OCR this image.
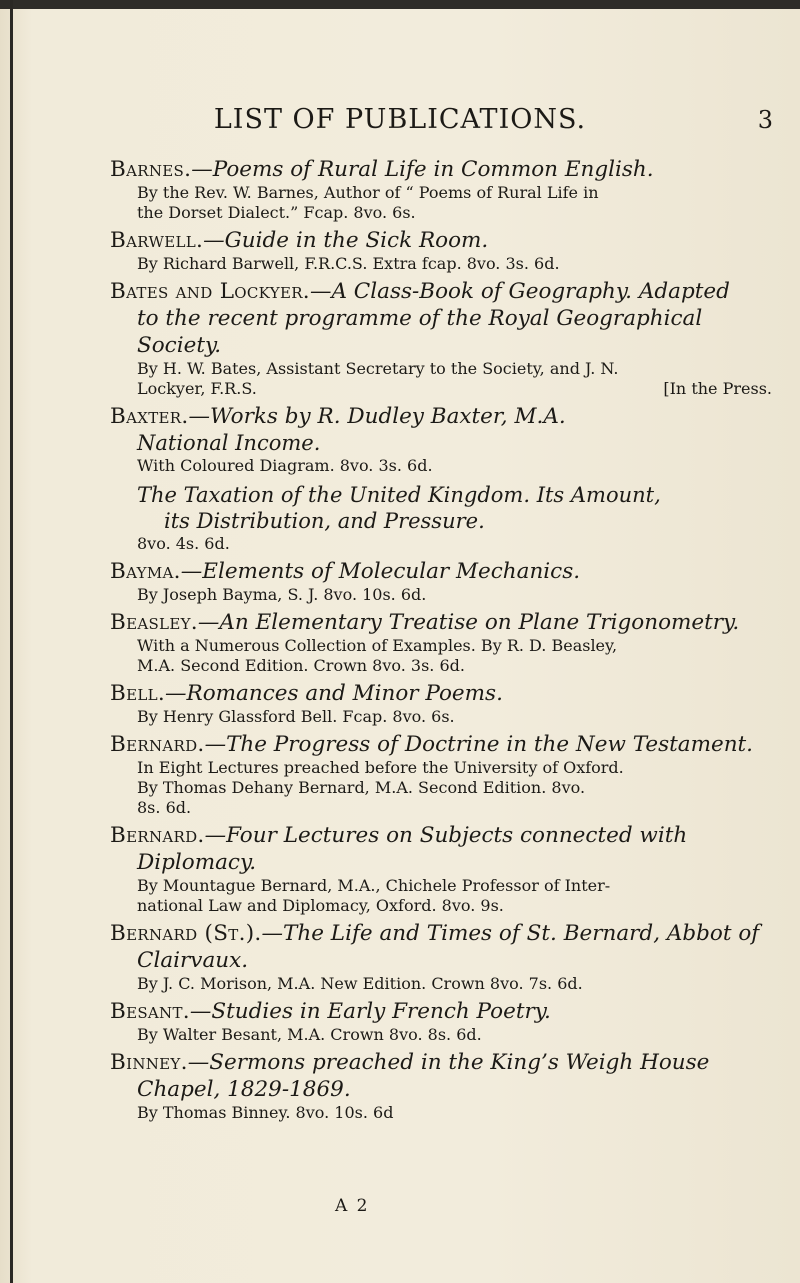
LIST OF PUBLICATIONS.	3
Barnes.—Poems of Rural Life in Common English.
By the Rev. W. Barnes, Author of “ Poems of Rural Life in
the Dorset Dialect.” Fcap. 8vo. 6s.
Barwell.—Guide in the Sick Room.
By Richard Barwell, F.R.C.S. Extra fcap. 8vo. 3s. 6d.
Bates and Lockyer.—A Class-Book of Geography. Adapted
to the recent programme of the Royal Geographical
Society.
By H. W. Bates, Assistant Secretary to the Society, and J. N.
Lockyer, F.R.S.	[In the Press.
Baxter.—Works by R. Dudley Baxter, M.A.
National Income.
With Coloured Diagram. 8vo. 3s. 6d.
The Taxation of the United Kingdom. Its Amount,
its Distribution, and Pressure.
8vo. 4s. 6d.
Bayma.—Elements of Molecular Mechanics.
By Joseph Bayma, S. J. 8vo. 10s. 6d.
Beasley.—An Elementary Treatise on Plane Trigonometry.
With a Numerous Collection of Examples. By R. D. Beasley,
M.A. Second Edition. Crown 8vo. 3s. 6d.
Bell.—Romances and Minor Poems.
By Henry Glassford Bell. Fcap. 8vo. 6s.
Bernard.—The Progress of Doctrine in the New Testament.
In Eight Lectures preached before the University of Oxford.
By Thomas Dehany Bernard, M.A. Second Edition. 8vo.
8s. 6d.
Bernard.—Four Lectures on Subjects connected with
Diplomacy.
By Mountague Bernard, M.A., Chichele Professor of Inter-
national Law and Diplomacy, Oxford. 8vo. 9s.
Bernard (St.).—The Life and Times of St. Bernard, Abbot of
Clairvaux.
By J. C. Morison, M.A. New Edition. Crown 8vo. 7s. 6d.
Besant.—Studies in Early French Poetry.
By Walter Besant, M.A. Crown 8vo. 8s. 6d.
Binney.—Sermons preached in the King’s Weigh House
Chapel, 1829-1869.
By Thomas Binney. 8vo. 10s. 6d
A 2
